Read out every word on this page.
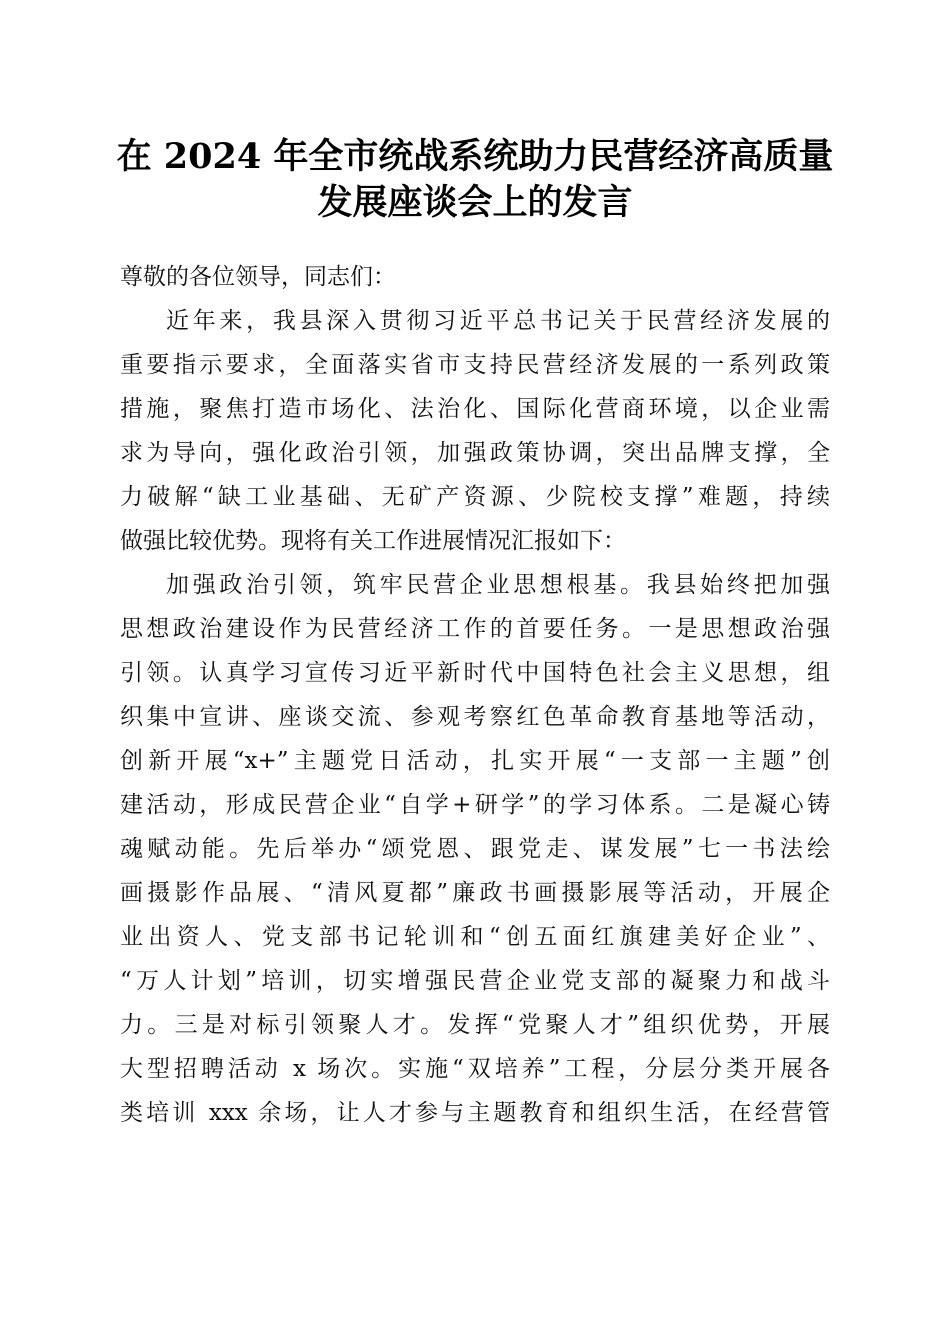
在 2024 年全市统战系统助力民营经济高质量
发展座谈会上的发言
尊敬的各位领导，同志们：
近年来，我县深入贯彻习近平总书记关于民营经济发展的
重要指示要求，全面落实省市支持民营经济发展的一系列政策
措施，聚焦打造市场化、法治化、国际化营商环境，以企业需
求为导向，强化政治引领，加强政策协调，突出品牌支撑，全
力破解“缺工业基础、无矿产资源、少院校支撑”难题，持续
做强比较优势。现将有关工作进展情况汇报如下：
加强政治引领，筑牢民营企业思想根基。我县始终把加强
思想政治建设作为民营经济工作的首要任务。一是思想政治强
引领。认真学习宣传习近平新时代中国特色社会主义思想，组
织集中宣讲、座谈交流、参观考察红色革命教育基地等活动，
创新开展“x+”主题党日活动，扎实开展“一支部一主题”创
建活动，形成民营企业“自学+研学”的学习体系。二是凝心铸
魂赋动能。先后举办“颂党恩、跟党走、谋发展”七一书法绘
画摄影作品展、“清风夏都”廉政书画摄影展等活动，开展企
业出资人、党支部书记轮训和“创五面红旗建美好企业”、
“万人计划”培训，切实增强民营企业党支部的凝聚力和战斗
力。三是对标引领聚人才。发挥“党聚人才”组织优势，开展
大型招聘活动 x 场次。实施“双培养”工程，分层分类开展各
类培训 xxx 余场，让人才参与主题教育和组织生活，在经营管
